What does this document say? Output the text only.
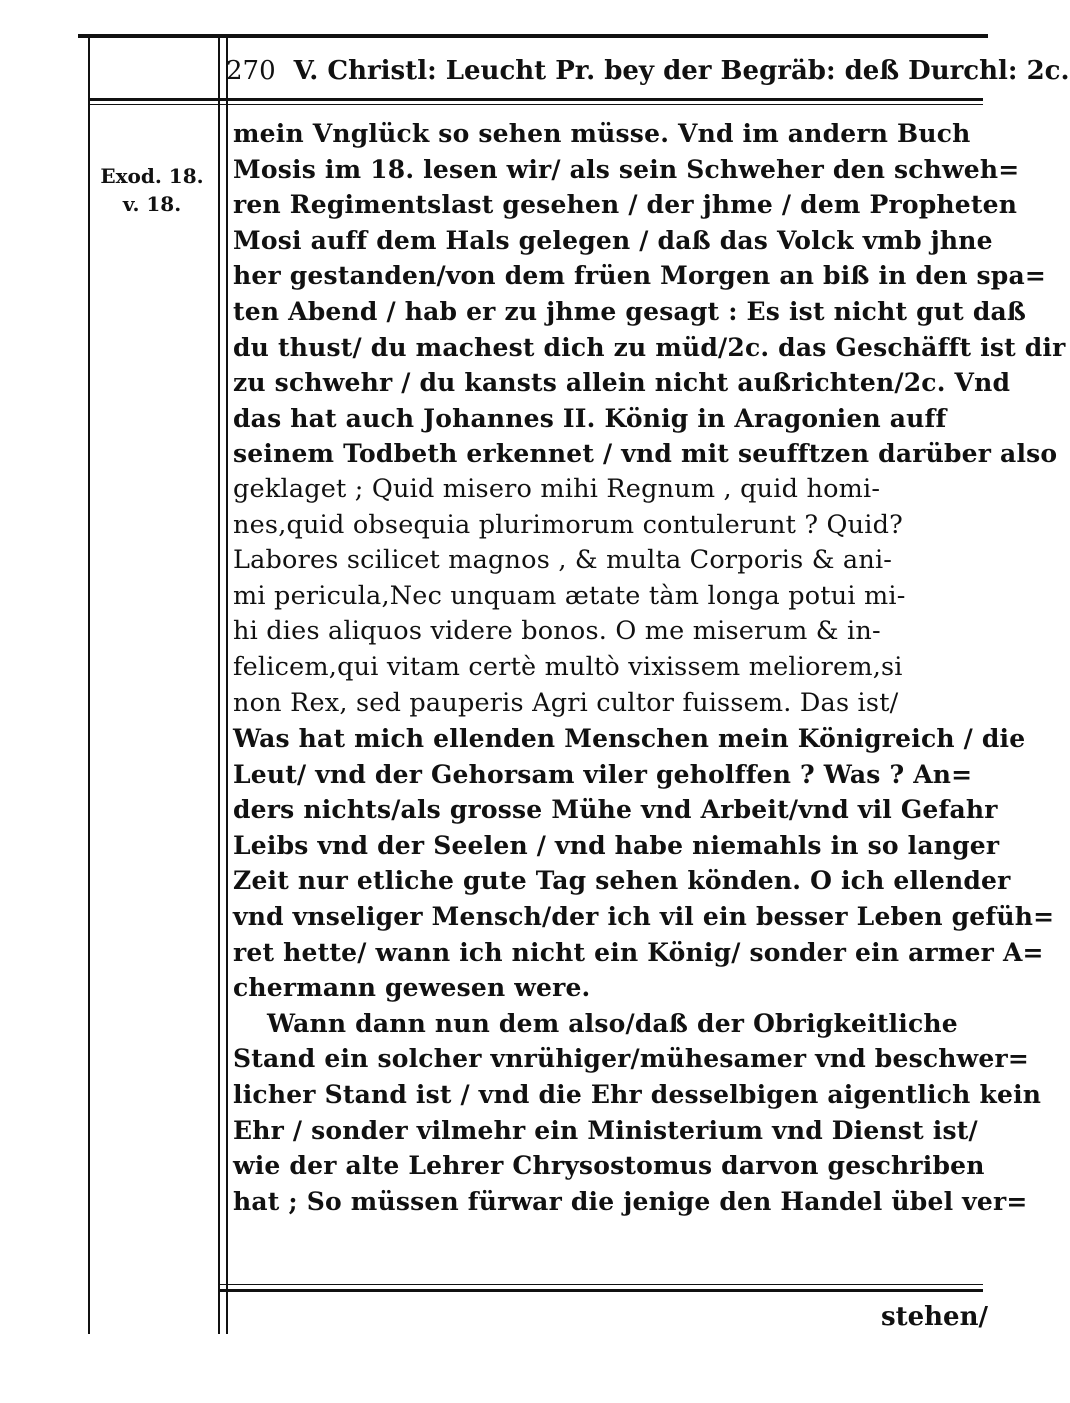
270 V. Christl: Leucht Pr. bey der Begräb: deß Durchl: 2c.
Exod. 18.
v. 18.
mein Vnglück so sehen müsse. Vnd im andern Buch
Mosis im 18. lesen wir/ als sein Schweher den schweh=
ren Regimentslast gesehen / der jhme / dem Propheten
Mosi auff dem Hals gelegen / daß das Volck vmb jhne
her gestanden/von dem früen Morgen an biß in den spa=
ten Abend / hab er zu jhme gesagt : Es ist nicht gut daß
du thust/ du machest dich zu müd/2c. das Geschäfft ist dir
zu schwehr / du kansts allein nicht außrichten/2c. Vnd
das hat auch Johannes II. König in Aragonien auff
seinem Todbeth erkennet / vnd mit seufftzen darüber also
geklaget ; Quid misero mihi Regnum , quid homi-
nes,quid obsequia plurimorum contulerunt ? Quid?
Labores scilicet magnos , & multa Corporis & ani-
mi pericula,Nec unquam ætate tàm longa potui mi-
hi dies aliquos videre bonos. O me miserum & in-
felicem,qui vitam certè multò vixissem meliorem,si
non Rex, sed pauperis Agri cultor fuissem. Das ist/
Was hat mich ellenden Menschen mein Königreich / die
Leut/ vnd der Gehorsam viler geholffen ? Was ? An=
ders nichts/als grosse Mühe vnd Arbeit/vnd vil Gefahr
Leibs vnd der Seelen / vnd habe niemahls in so langer
Zeit nur etliche gute Tag sehen könden. O ich ellender
vnd vnseliger Mensch/der ich vil ein besser Leben gefüh=
ret hette/ wann ich nicht ein König/ sonder ein armer A=
chermann gewesen were.
Wann dann nun dem also/daß der Obrigkeitliche
Stand ein solcher vnrühiger/mühesamer vnd beschwer=
licher Stand ist / vnd die Ehr desselbigen aigentlich kein
Ehr / sonder vilmehr ein Ministerium vnd Dienst ist/
wie der alte Lehrer Chrysostomus darvon geschriben
hat ; So müssen fürwar die jenige den Handel übel ver=
stehen/
